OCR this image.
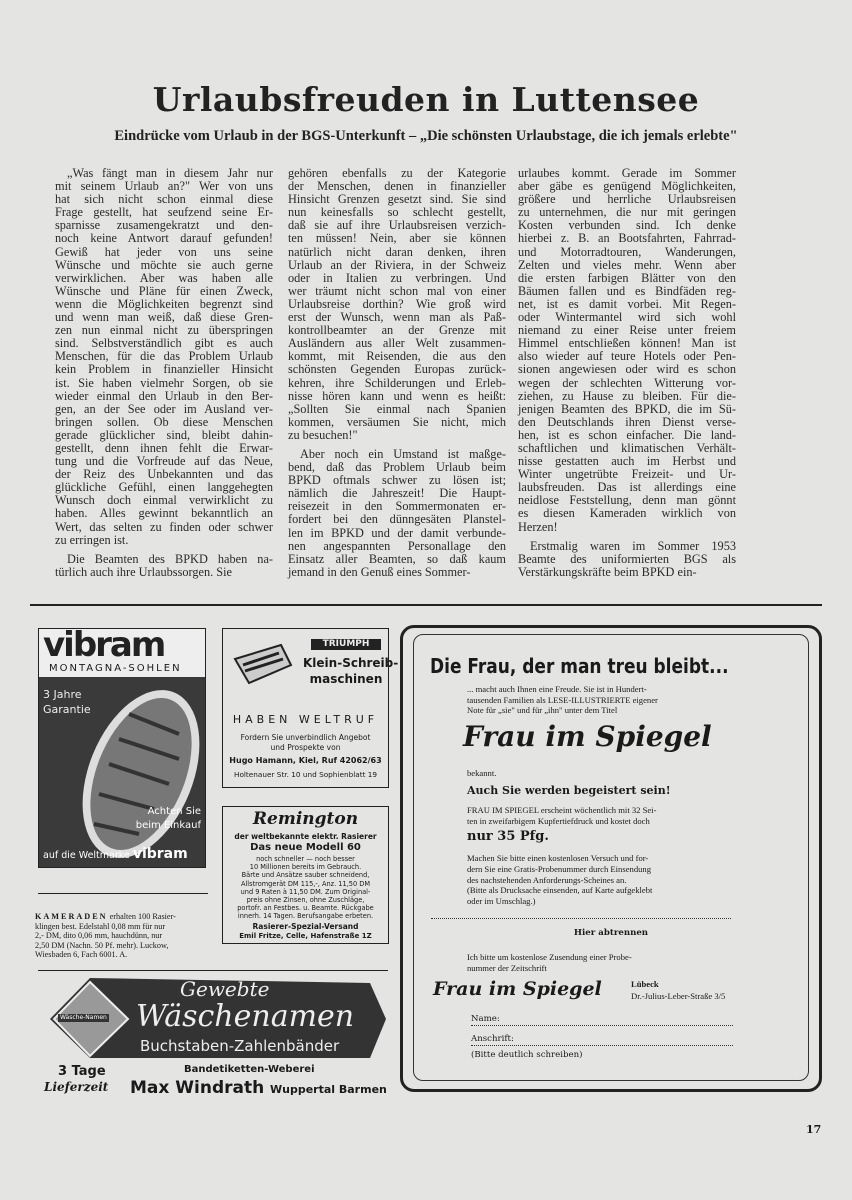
Urlaubsfreuden in Luttensee
Eindrücke vom Urlaub in der BGS-Unterkunft – „Die schönsten Urlaubstage, die ich jemals erlebte"
„Was fängt man in diesem Jahr nur
mit seinem Urlaub an?" Wer von uns
hat sich nicht schon einmal diese
Frage gestellt, hat seufzend seine Er-
sparnisse zusamengekratzt und den-
noch keine Antwort darauf gefunden!
Gewiß hat jeder von uns seine
Wünsche und möchte sie auch gerne
verwirklichen. Aber was haben alle
Wünsche und Pläne für einen Zweck,
wenn die Möglichkeiten begrenzt sind
und wenn man weiß, daß diese Gren-
zen nun einmal nicht zu überspringen
sind. Selbstverständlich gibt es auch
Menschen, für die das Problem Urlaub
kein Problem in finanzieller Hinsicht
ist. Sie haben vielmehr Sorgen, ob sie
wieder einmal den Urlaub in den Ber-
gen, an der See oder im Ausland ver-
bringen sollen. Ob diese Menschen
gerade glücklicher sind, bleibt dahin-
gestellt, denn ihnen fehlt die Erwar-
tung und die Vorfreude auf das Neue,
der Reiz des Unbekannten und das
glückliche Gefühl, einen langgehegten
Wunsch doch einmal verwirklicht zu
haben. Alles gewinnt bekanntlich an
Wert, das selten zu finden oder schwer
zu erringen ist.
Die Beamten des BPKD haben na-
türlich auch ihre Urlaubssorgen. Sie
gehören ebenfalls zu der Kategorie
der Menschen, denen in finanzieller
Hinsicht Grenzen gesetzt sind. Sie sind
nun keinesfalls so schlecht gestellt,
daß sie auf ihre Urlaubsreisen verzich-
ten müssen! Nein, aber sie können
natürlich nicht daran denken, ihren
Urlaub an der Riviera, in der Schweiz
oder in Italien zu verbringen. Und
wer träumt nicht schon mal von einer
Urlaubsreise dorthin? Wie groß wird
erst der Wunsch, wenn man als Paß-
kontrollbeamter an der Grenze mit
Ausländern aus aller Welt zusammen-
kommt, mit Reisenden, die aus den
schönsten Gegenden Europas zurück-
kehren, ihre Schilderungen und Erleb-
nisse hören kann und wenn es heißt:
„Sollten Sie einmal nach Spanien
kommen, versäumen Sie nicht, mich
zu besuchen!"
Aber noch ein Umstand ist maßge-
bend, daß das Problem Urlaub beim
BPKD oftmals schwer zu lösen ist;
nämlich die Jahreszeit! Die Haupt-
reisezeit in den Sommermonaten er-
fordert bei den dünngesäten Planstel-
len im BPKD und der damit verbunde-
nen angespannten Personallage den
Einsatz aller Beamten, so daß kaum
jemand in den Genuß eines Sommer-
urlaubes kommt. Gerade im Sommer
aber gäbe es genügend Möglichkeiten,
größere und herrliche Urlaubsreisen
zu unternehmen, die nur mit geringen
Kosten verbunden sind. Ich denke
hierbei z. B. an Bootsfahrten, Fahrrad-
und Motorradtouren, Wanderungen,
Zelten und vieles mehr. Wenn aber
die ersten farbigen Blätter von den
Bäumen fallen und es Bindfäden reg-
net, ist es damit vorbei. Mit Regen-
oder Wintermantel wird sich wohl
niemand zu einer Reise unter freiem
Himmel entschließen können! Man ist
also wieder auf teure Hotels oder Pen-
sionen angewiesen oder wird es schon
wegen der schlechten Witterung vor-
ziehen, zu Hause zu bleiben. Für die-
jenigen Beamten des BPKD, die im Sü-
den Deutschlands ihren Dienst verse-
hen, ist es schon einfacher. Die land-
schaftlichen und klimatischen Verhält-
nisse gestatten auch im Herbst und
Winter ungetrübte Freizeit- und Ur-
laubsfreuden. Das ist allerdings eine
neidlose Feststellung, denn man gönnt
es diesen Kameraden wirklich von
Herzen!
Erstmalig waren im Sommer 1953
Beamte des uniformierten BGS als
Verstärkungskräfte beim BPKD ein-
vibram
MONTAGNA-SOHLEN
3 Jahre
Garantie
Achten Sie
beim Einkauf
auf die Weltmarke vibram
TRIUMPH
Klein-Schreib-
maschinen
HABEN WELTRUF
Fordern Sie unverbindlich Angebot
und Prospekte von
Hugo Hamann, Kiel, Ruf 42062/63
Holtenauer Str. 10 und Sophienblatt 19
Remington
der weltbekannte elektr. Rasierer
Das neue Modell 60
noch schneller — noch besser
10 Millionen bereits im Gebrauch.
Bärte und Ansätze sauber schneidend,
Allstromgerät DM 115,-, Anz. 11,50 DM
und 9 Raten à 11,50 DM. Zum Original-
preis ohne Zinsen, ohne Zuschläge,
portofr. an Festbes. u. Beamte. Rückgabe
innerh. 14 Tagen. Berufsangabe erbeten.
Rasierer-Spezial-Versand
Emil Fritze, Celle, Hafenstraße 1Z
KAMERADEN erhalten 100 Rasier-
klingen best. Edelstahl 0,08 mm für nur
2,- DM, dito 0,06 mm, hauchdünn, nur
2,50 DM (Nachn. 50 Pf. mehr). Luckow,
Wiesbaden 6, Fach 6001. A.
Die Frau, der man treu bleibt...
... macht auch Ihnen eine Freude. Sie ist in Hundert-
tausenden Familien als LESE-ILLUSTRIERTE eigener
Note für „sie" und für „ihn" unter dem Titel
Frau im Spiegel
bekannt.
Auch Sie werden begeistert sein!
FRAU IM SPIEGEL erscheint wöchentlich mit 32 Sei-
ten in zweifarbigem Kupfertiefdruck und kostet doch
nur 35 Pfg.
Machen Sie bitte einen kostenlosen Versuch und for-
dern Sie eine Gratis-Probenummer durch Einsendung
des nachstehenden Anforderungs-Scheines an.
(Bitte als Drucksache einsenden, auf Karte aufgeklebt
oder im Umschlag.)
Hier abtrennen
Ich bitte um kostenlose Zusendung einer Probe-
nummer der Zeitschrift
Frau im Spiegel	Lübeck
Dr.-Julius-Leber-Straße 3/5
Name:
Anschrift:
(Bitte deutlich schreiben)
Wäsche-Namen
Gewebte
Wäschenamen
Buchstaben-Zahlenbänder
3 Tage
Lieferzeit
Bandetiketten-Weberei
Max Windrath Wuppertal Barmen
17
